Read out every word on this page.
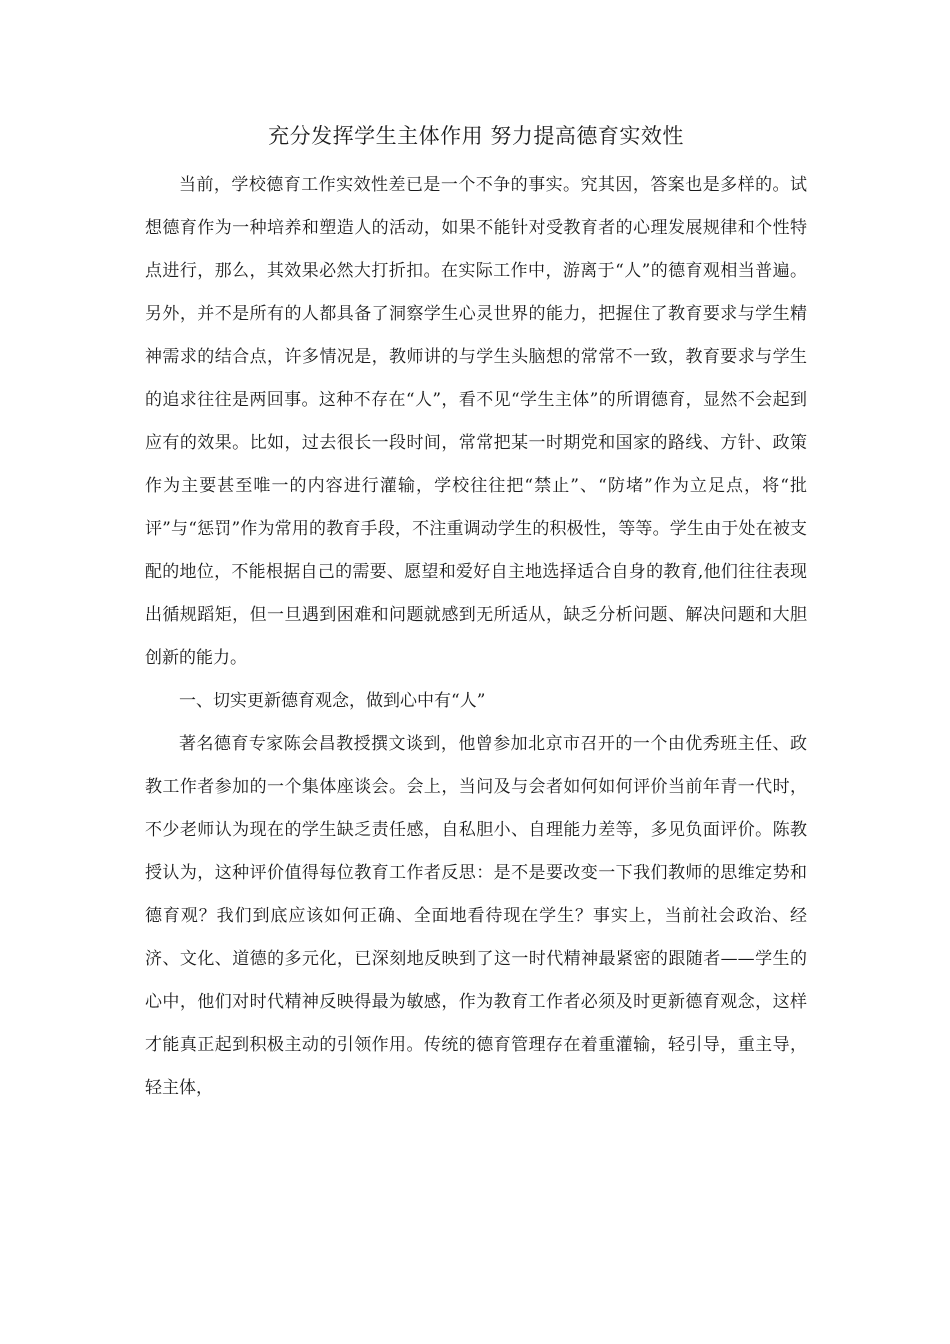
充分发挥学生主体作用 努力提高德育实效性

当前，学校德育工作实效性差已是一个不争的事实。究其因，答案也是多样的。试想德育作为一种培养和塑造人的活动，如果不能针对受教育者的心理发展规律和个性特点进行，那么，其效果必然大打折扣。在实际工作中，游离于“人”的德育观相当普遍。另外，并不是所有的人都具备了洞察学生心灵世界的能力，把握住了教育要求与学生精神需求的结合点，许多情况是，教师讲的与学生头脑想的常常不一致，教育要求与学生的追求往往是两回事。这种不存在“人”，看不见“学生主体”的所谓德育，显然不会起到应有的效果。比如，过去很长一段时间，常常把某一时期党和国家的路线、方针、政策作为主要甚至唯一的内容进行灌输，学校往往把“禁止”、“防堵”作为立足点，将“批评”与“惩罚”作为常用的教育手段，不注重调动学生的积极性，等等。学生由于处在被支配的地位，不能根据自己的需要、愿望和爱好自主地选择适合自身的教育,他们往往表现出循规蹈矩，但一旦遇到困难和问题就感到无所适从，缺乏分析问题、解决问题和大胆创新的能力。

一、切实更新德育观念，做到心中有“人”

著名德育专家陈会昌教授撰文谈到，他曾参加北京市召开的一个由优秀班主任、政教工作者参加的一个集体座谈会。会上，当问及与会者如何如何评价当前年青一代时，不少老师认为现在的学生缺乏责任感，自私胆小、自理能力差等，多见负面评价。陈教授认为，这种评价值得每位教育工作者反思：是不是要改变一下我们教师的思维定势和德育观？我们到底应该如何正确、全面地看待现在学生？事实上，当前社会政治、经济、文化、道德的多元化，已深刻地反映到了这一时代精神最紧密的跟随者——学生的心中，他们对时代精神反映得最为敏感，作为教育工作者必须及时更新德育观念，这样才能真正起到积极主动的引领作用。传统的德育管理存在着重灌输，轻引导，重主导，轻主体，
